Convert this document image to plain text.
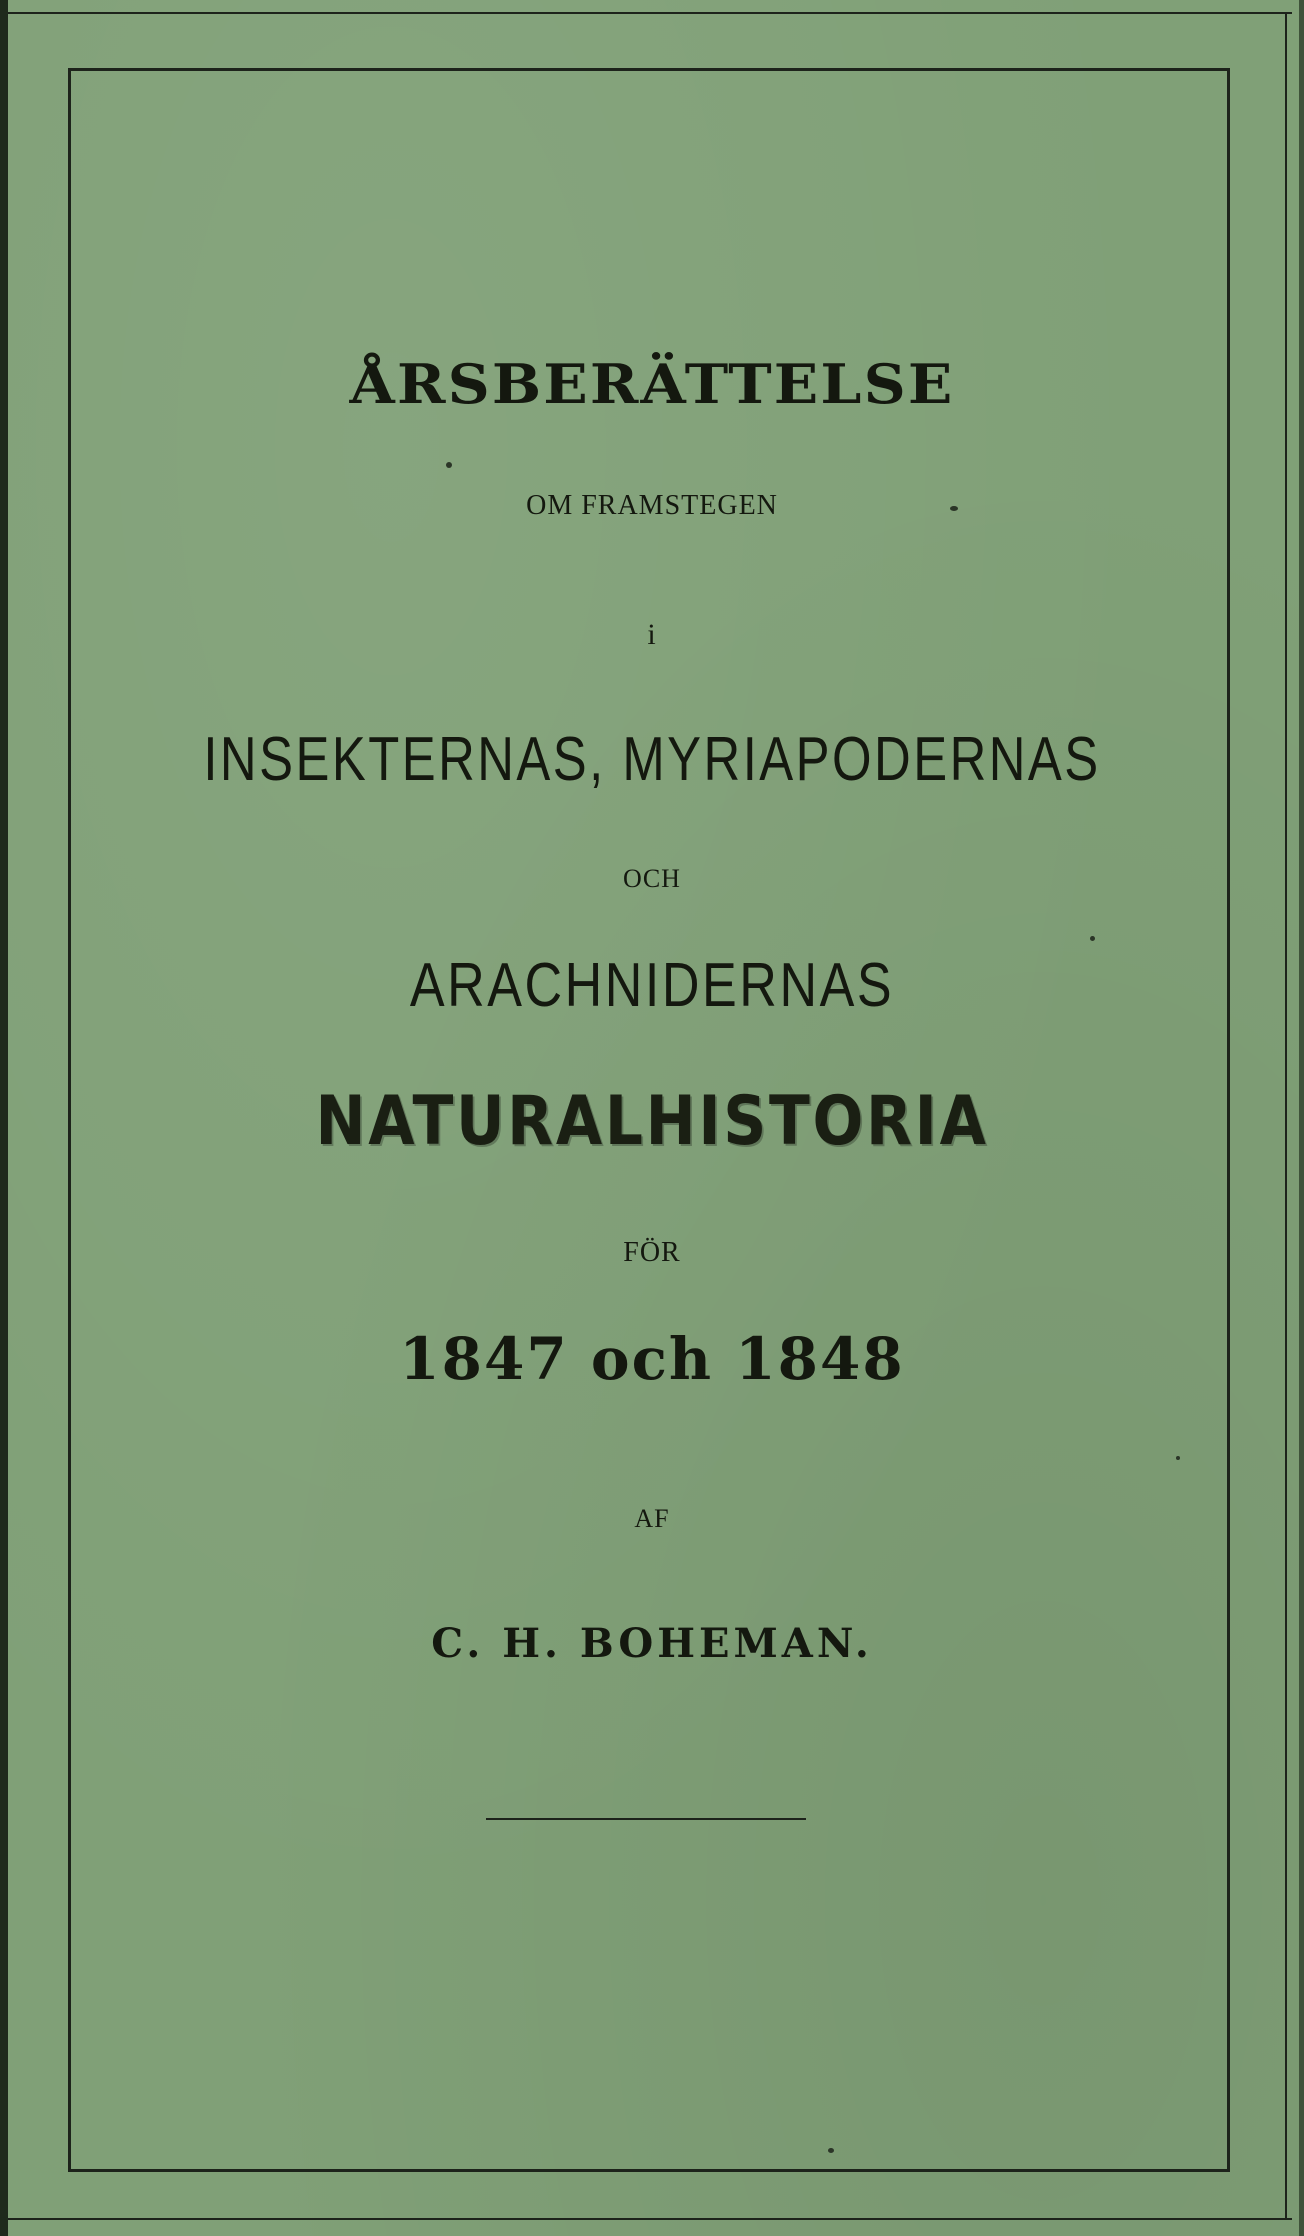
ÅRSBERÄTTELSE

OM FRAMSTEGEN

i

INSEKTERNAS, MYRIAPODERNAS

OCH

ARACHNIDERNAS

NATURALHISTORIA

FÖR

1847 och 1848

AF

C. H. BOHEMAN.
